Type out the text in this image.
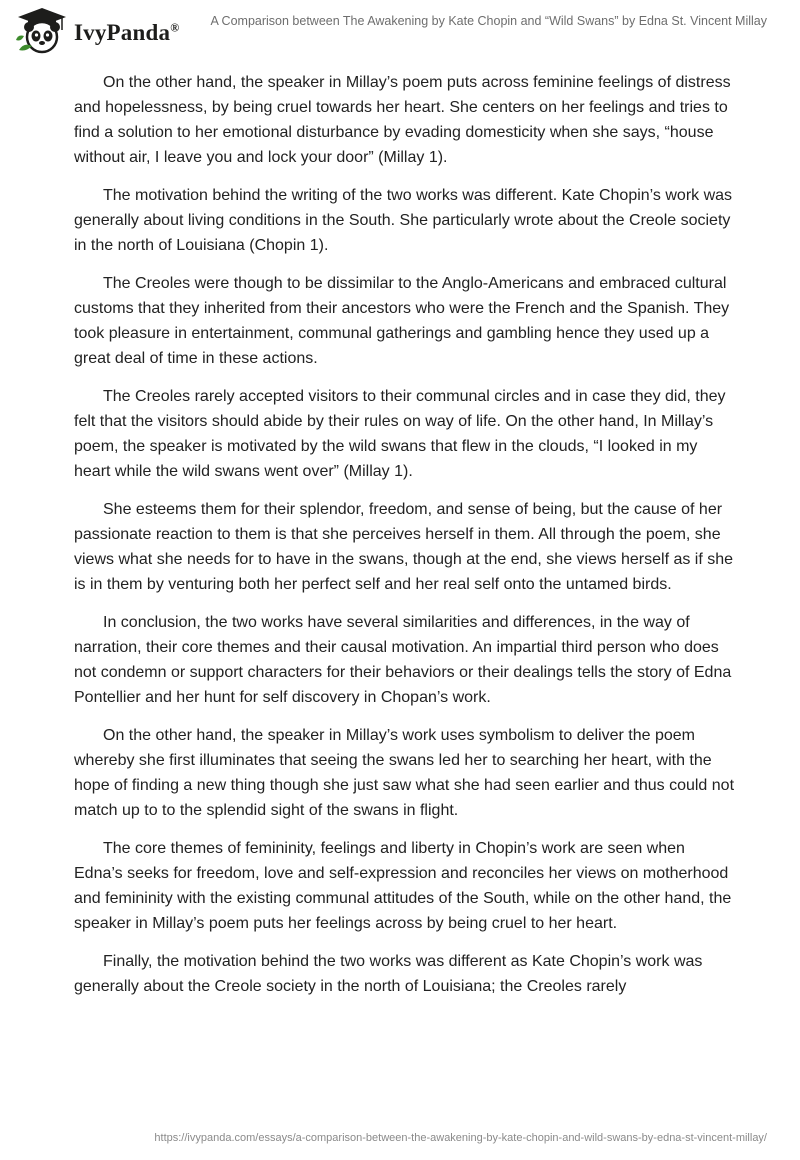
IvyPanda® A Comparison between The Awakening by Kate Chopin and “Wild Swans” by Edna St. Vincent Millay

On the other hand, the speaker in Millay’s poem puts across feminine feelings of distress and hopelessness, by being cruel towards her heart. She centers on her feelings and tries to find a solution to her emotional disturbance by evading domesticity when she says, “house without air, I leave you and lock your door” (Millay 1).

The motivation behind the writing of the two works was different. Kate Chopin’s work was generally about living conditions in the South. She particularly wrote about the Creole society in the north of Louisiana (Chopin 1).

The Creoles were though to be dissimilar to the Anglo-Americans and embraced cultural customs that they inherited from their ancestors who were the French and the Spanish. They took pleasure in entertainment, communal gatherings and gambling hence they used up a great deal of time in these actions.

The Creoles rarely accepted visitors to their communal circles and in case they did, they felt that the visitors should abide by their rules on way of life. On the other hand, In Millay’s poem, the speaker is motivated by the wild swans that flew in the clouds, “I looked in my heart while the wild swans went over” (Millay 1).

She esteems them for their splendor, freedom, and sense of being, but the cause of her passionate reaction to them is that she perceives herself in them. All through the poem, she views what she needs for to have in the swans, though at the end, she views herself as if she is in them by venturing both her perfect self and her real self onto the untamed birds.

In conclusion, the two works have several similarities and differences, in the way of narration, their core themes and their causal motivation. An impartial third person who does not condemn or support characters for their behaviors or their dealings tells the story of Edna Pontellier and her hunt for self discovery in Chopan’s work.

On the other hand, the speaker in Millay’s work uses symbolism to deliver the poem whereby she first illuminates that seeing the swans led her to searching her heart, with the hope of finding a new thing though she just saw what she had seen earlier and thus could not match up to to the splendid sight of the swans in flight.

The core themes of femininity, feelings and liberty in Chopin’s work are seen when Edna’s seeks for freedom, love and self-expression and reconciles her views on motherhood and femininity with the existing communal attitudes of the South, while on the other hand, the speaker in Millay’s poem puts her feelings across by being cruel to her heart.

Finally, the motivation behind the two works was different as Kate Chopin’s work was generally about the Creole society in the north of Louisiana; the Creoles rarely

https://ivypanda.com/essays/a-comparison-between-the-awakening-by-kate-chopin-and-wild-swans-by-edna-st-vincent-millay/
